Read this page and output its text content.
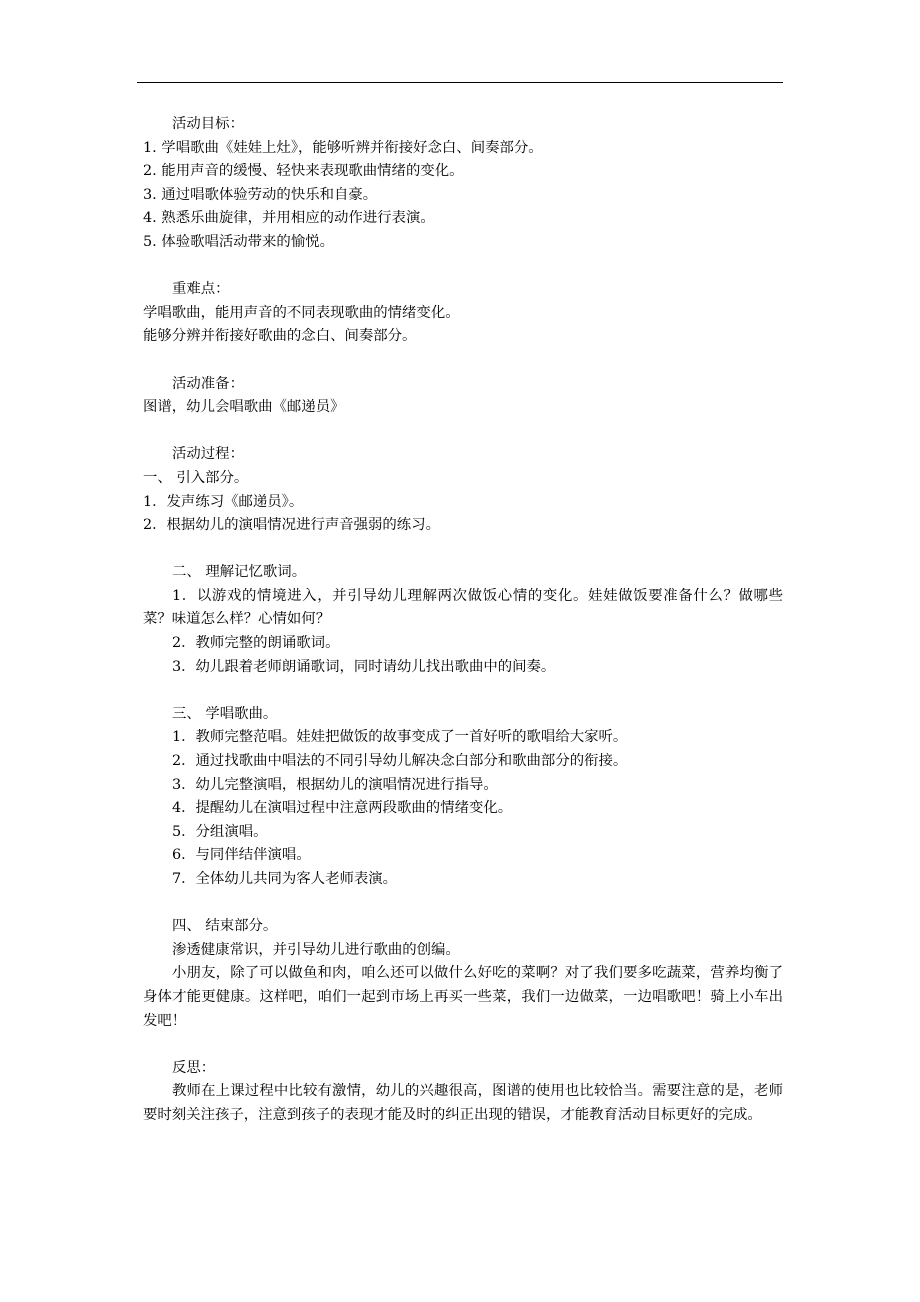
活动目标：

1. 学唱歌曲《娃娃上灶》，能够听辨并衔接好念白、间奏部分。

2. 能用声音的缓慢、轻快来表现歌曲情绪的变化。

3. 通过唱歌体验劳动的快乐和自豪。

4. 熟悉乐曲旋律，并用相应的动作进行表演。

5. 体验歌唱活动带来的愉悦。

重难点：

学唱歌曲，能用声音的不同表现歌曲的情绪变化。

能够分辨并衔接好歌曲的念白、间奏部分。

活动准备：

图谱，幼儿会唱歌曲《邮递员》

活动过程：

一、 引入部分。

1．发声练习《邮递员》。

2．根据幼儿的演唱情况进行声音强弱的练习。

二、 理解记忆歌词。

1．以游戏的情境进入，并引导幼儿理解两次做饭心情的变化。娃娃做饭要准备什么？做哪些菜？味道怎么样？心情如何？

2．教师完整的朗诵歌词。

3．幼儿跟着老师朗诵歌词，同时请幼儿找出歌曲中的间奏。

三、 学唱歌曲。

1．教师完整范唱。娃娃把做饭的故事变成了一首好听的歌唱给大家听。

2．通过找歌曲中唱法的不同引导幼儿解决念白部分和歌曲部分的衔接。

3．幼儿完整演唱，根据幼儿的演唱情况进行指导。

4．提醒幼儿在演唱过程中注意两段歌曲的情绪变化。

5．分组演唱。

6．与同伴结伴演唱。

7．全体幼儿共同为客人老师表演。

四、 结束部分。

渗透健康常识，并引导幼儿进行歌曲的创编。

小朋友，除了可以做鱼和肉，咱么还可以做什么好吃的菜啊？对了我们要多吃蔬菜，营养均衡了身体才能更健康。这样吧，咱们一起到市场上再买一些菜，我们一边做菜，一边唱歌吧！骑上小车出发吧！

反思：

教师在上课过程中比较有激情，幼儿的兴趣很高，图谱的使用也比较恰当。需要注意的是，老师要时刻关注孩子，注意到孩子的表现才能及时的纠正出现的错误，才能教育活动目标更好的完成。
